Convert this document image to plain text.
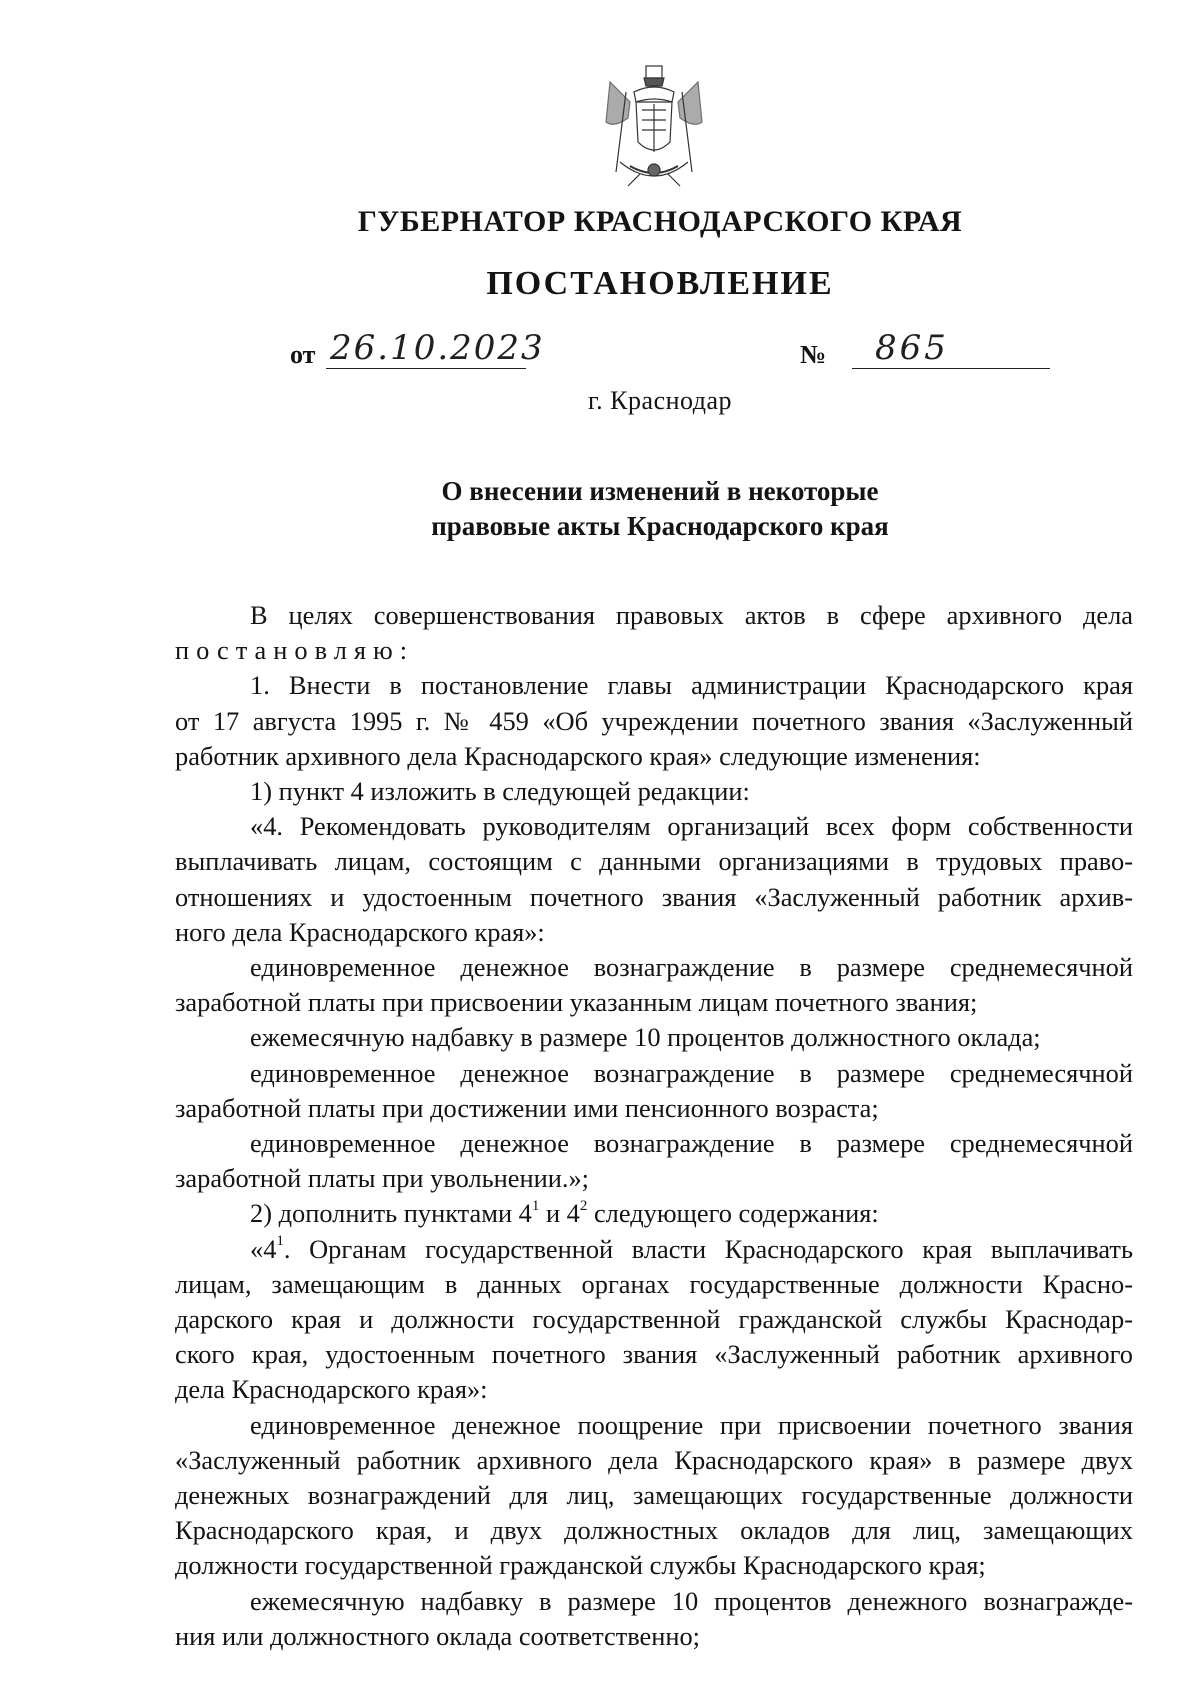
ГУБЕРНАТОР КРАСНОДАРСКОГО КРАЯ
ПОСТАНОВЛЕНИЕ
от 26.10.2023	№ 865
г. Краснодар
О внесении изменений в некоторые
правовые акты Краснодарского края

В целях совершенствования правовых актов в сфере архивного дела

постановляю:

1. Внести в постановление главы администрации Краснодарского края

от 17 августа 1995 г. № 459 «Об учреждении почетного звания «Заслуженный

работник архивного дела Краснодарского края» следующие изменения:

1) пункт 4 изложить в следующей редакции:

«4. Рекомендовать руководителям организаций всех форм собственности

выплачивать лицам, состоящим с данными организациями в трудовых право-

отношениях и удостоенным почетного звания «Заслуженный работник архив-

ного дела Краснодарского края»:

единовременное денежное вознаграждение в размере среднемесячной

заработной платы при присвоении указанным лицам почетного звания;

ежемесячную надбавку в размере 10 процентов должностного оклада;

единовременное денежное вознаграждение в размере среднемесячной

заработной платы при достижении ими пенсионного возраста;

единовременное денежное вознаграждение в размере среднемесячной

заработной платы при увольнении.»;

2) дополнить пунктами $4^1$ и $4^2$ следующего содержания:

«$4^1$. Органам государственной власти Краснодарского края выплачивать

лицам, замещающим в данных органах государственные должности Красно-

дарского края и должности государственной гражданской службы Краснодар-

ского края, удостоенным почетного звания «Заслуженный работник архивного

дела Краснодарского края»:

единовременное денежное поощрение при присвоении почетного звания

«Заслуженный работник архивного дела Краснодарского края» в размере двух

денежных вознаграждений для лиц, замещающих государственные должности

Краснодарского края, и двух должностных окладов для лиц, замещающих

должности государственной гражданской службы Краснодарского края;

ежемесячную надбавку в размере 10 процентов денежного вознагражде-

ния или должностного оклада соответственно;
